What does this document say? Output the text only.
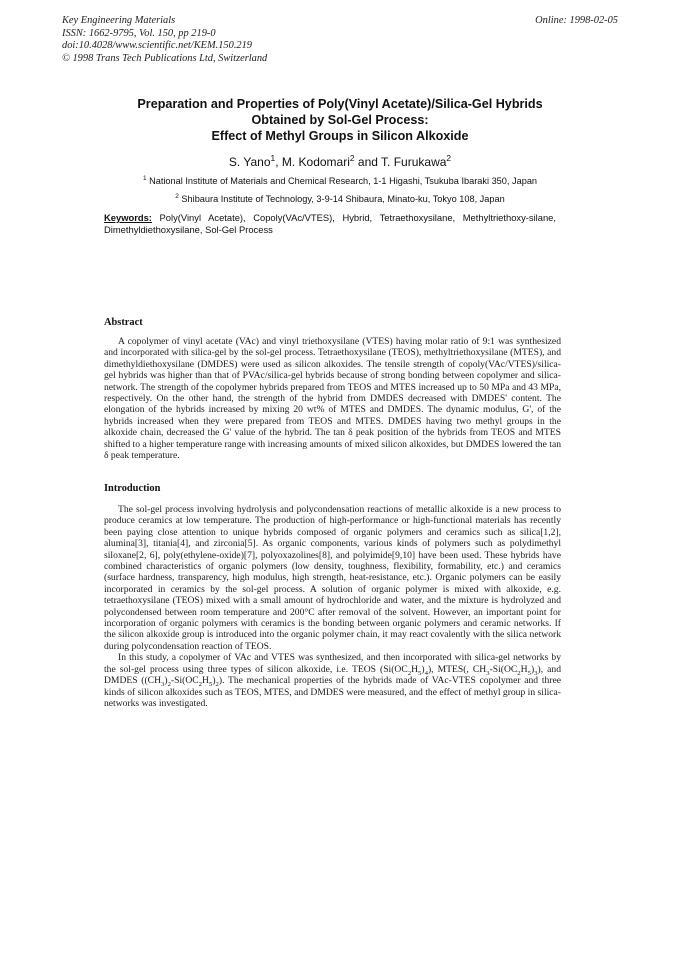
Key Engineering Materials
ISSN: 1662-9795, Vol. 150, pp 219-0
doi:10.4028/www.scientific.net/KEM.150.219
© 1998 Trans Tech Publications Ltd, Switzerland
Online: 1998-02-05
Preparation and Properties of Poly(Vinyl Acetate)/Silica-Gel Hybrids
Obtained by Sol-Gel Process:
Effect of Methyl Groups in Silicon Alkoxide
S. Yano$^1$, M. Kodomari$^2$ and T. Furukawa$^2$
$^1$ National Institute of Materials and Chemical Research, 1-1 Higashi, Tsukuba Ibaraki 350, Japan
$^2$ Shibaura Institute of Technology, 3-9-14 Shibaura, Minato-ku, Tokyo 108, Japan
Keywords: Poly(Vinyl Acetate), Copoly(VAc/VTES), Hybrid, Tetraethoxysilane, Methyltriethoxy-silane, Dimethyldiethoxysilane, Sol-Gel Process
Abstract

A copolymer of vinyl acetate (VAc) and vinyl triethoxysilane (VTES) having molar ratio of 9:1 was synthesized and incorporated with silica-gel by the sol-gel process. Tetraethoxysilane (TEOS), methyltriethoxysilane (MTES), and dimethyldiethoxysilane (DMDES) were used as silicon alkoxides. The tensile strength of copoly(VAc/VTES)/silica-gel hybrids was higher than that of PVAc/silica-gel hybrids because of strong bonding between copolymer and silica-network. The strength of the copolymer hybrids prepared from TEOS and MTES increased up to 50 MPa and 43 MPa, respectively. On the other hand, the strength of the hybrid from DMDES decreased with DMDES' content. The elongation of the hybrids increased by mixing 20 wt% of MTES and DMDES. The dynamic modulus, G', of the hybrids increased when they were prepared from TEOS and MTES. DMDES having two methyl groups in the alkoxide chain, decreased the G' value of the hybrid. The tan δ peak position of the hybrids from TEOS and MTES shifted to a higher temperature range with increasing amounts of mixed silicon alkoxides, but DMDES lowered the tan δ peak temperature.

Introduction

The sol-gel process involving hydrolysis and polycondensation reactions of metallic alkoxide is a new process to produce ceramics at low temperature. The production of high-performance or high-functional materials has recently been paying close attention to unique hybrids composed of organic polymers and ceramics such as silica[1,2], alumina[3], titania[4], and zirconia[5]. As organic components, various kinds of polymers such as polydimethyl siloxane[2, 6], poly(ethylene-oxide)[7], polyoxazolines[8], and polyimide[9,10] have been used. These hybrids have combined characteristics of organic polymers (low density, toughness, flexibility, formability, etc.) and ceramics (surface hardness, transparency, high modulus, high strength, heat-resistance, etc.). Organic polymers can be easily incorporated in ceramics by the sol-gel process. A solution of organic polymer is mixed with alkoxide, e.g. tetraethoxysilane (TEOS) mixed with a small amount of hydrochloride and water, and the mixture is hydrolyzed and polycondensed between room temperature and 200°C after removal of the solvent. However, an important point for incorporation of organic polymers with ceramics is the bonding between organic polymers and ceramic networks. If the silicon alkoxide group is introduced into the organic polymer chain, it may react covalently with the silica network during polycondensation reaction of TEOS.

In this study, a copolymer of VAc and VTES was synthesized, and then incorporated with silica-gel networks by the sol-gel process using three types of silicon alkoxide, i.e. TEOS $(Si(OC_2H_5)_4)$, MTES(, $CH_3-Si(OC_2H_5)_3$), and DMDES $((CH_3)_2-Si(OC_2H_5)_2)$. The mechanical properties of the hybrids made of VAc-VTES copolymer and three kinds of silicon alkoxides such as TEOS, MTES, and DMDES were measured, and the effect of methyl group in silica-networks was investigated.
